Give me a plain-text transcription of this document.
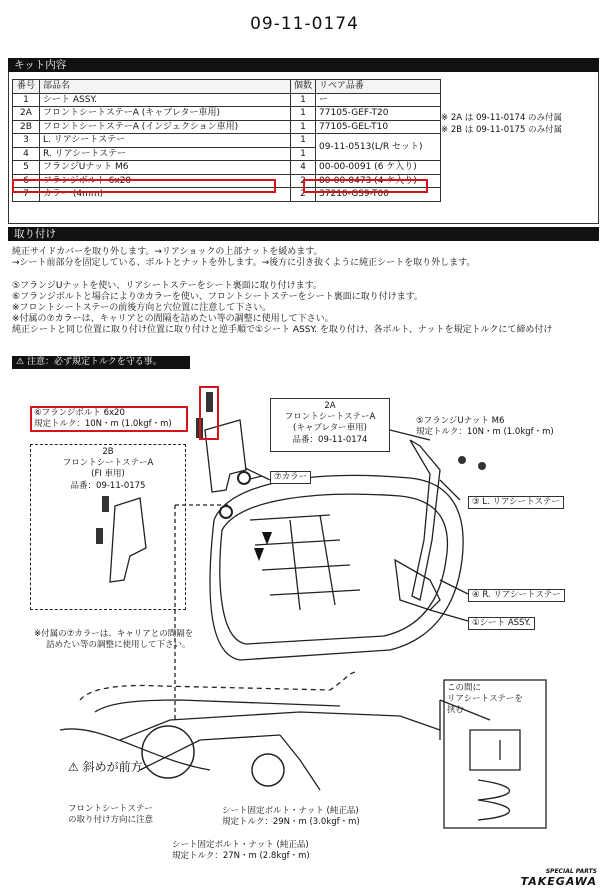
09-11-0174
キット内容
番号	部品名	個数	リペア品番
1	シート ASSY.	1	ー
2A	フロントシートステーA (キャブレター車用)	1	77105-GEF-T20
2B	フロントシートステーA (インジェクション車用)	1	77105-GEL-T10
3	L. リアシートステー	1	09-11-0513(L/R セット)
4	R. リアシートステー	1	
5	フランジUナット M6	4	00-00-0091 (6 ケ入り)
6	フランジボルト 6x20	2	00-00-0473 (4 ケ入り)
7	カラー (4mm)	2	37210-GS9-T00
※ 2A は 09-11-0174 のみ付属
※ 2B は 09-11-0175 のみ付属
取り付け
純正サイドカバーを取り外します。→リアショックの上部ナットを緩めます。
→シート前部分を固定している、ボルトとナットを外します。→後方に引き抜くように純正シートを取り外します。
⑤フランジUナットを使い、リアシートステーをシート裏面に取り付けます。
⑥フランジボルトと場合により⑦カラーを使い、フロントシートステーをシート裏面に取り付けます。
※フロントシートステーの前後方向と穴位置に注意して下さい。
※付属の⑦カラーは、キャリアとの間隔を詰めたい等の調整に使用して下さい。
純正シートと同じ位置に取り付け位置に取り付けと逆手順で①シート ASSY. を取り付け、各ボルト、ナットを規定トルクにて締め付け
⚠ 注意：必ず規定トルクを守る事。
⑥フランジボルト 6x20
規定トルク：10N・m (1.0kgf・m)
2A
フロントシートステーA
(キャブレター車用)
品番：09-11-0174
2B
フロントシートステーA
(FI 車用)
品番：09-11-0175
⑦カラー
⑤フランジUナット M6
規定トルク：10N・m (1.0kgf・m)
③ L. リアシートステー
④ R. リアシートステー
①シート ASSY.
※付属の⑦カラーは、キャリアとの間隔を
詰めたい等の調整に使用して下さい。
この間に
リアシートステーを
挟む
⚠ 斜めが前方
フロントシートステー
の取り付け方向に注意
シート固定ボルト・ナット (純正品)
規定トルク：29N・m (3.0kgf・m)
シート固定ボルト・ナット (純正品)
規定トルク：27N・m (2.8kgf・m)
SPECIAL PARTS
TAKEGAWA
